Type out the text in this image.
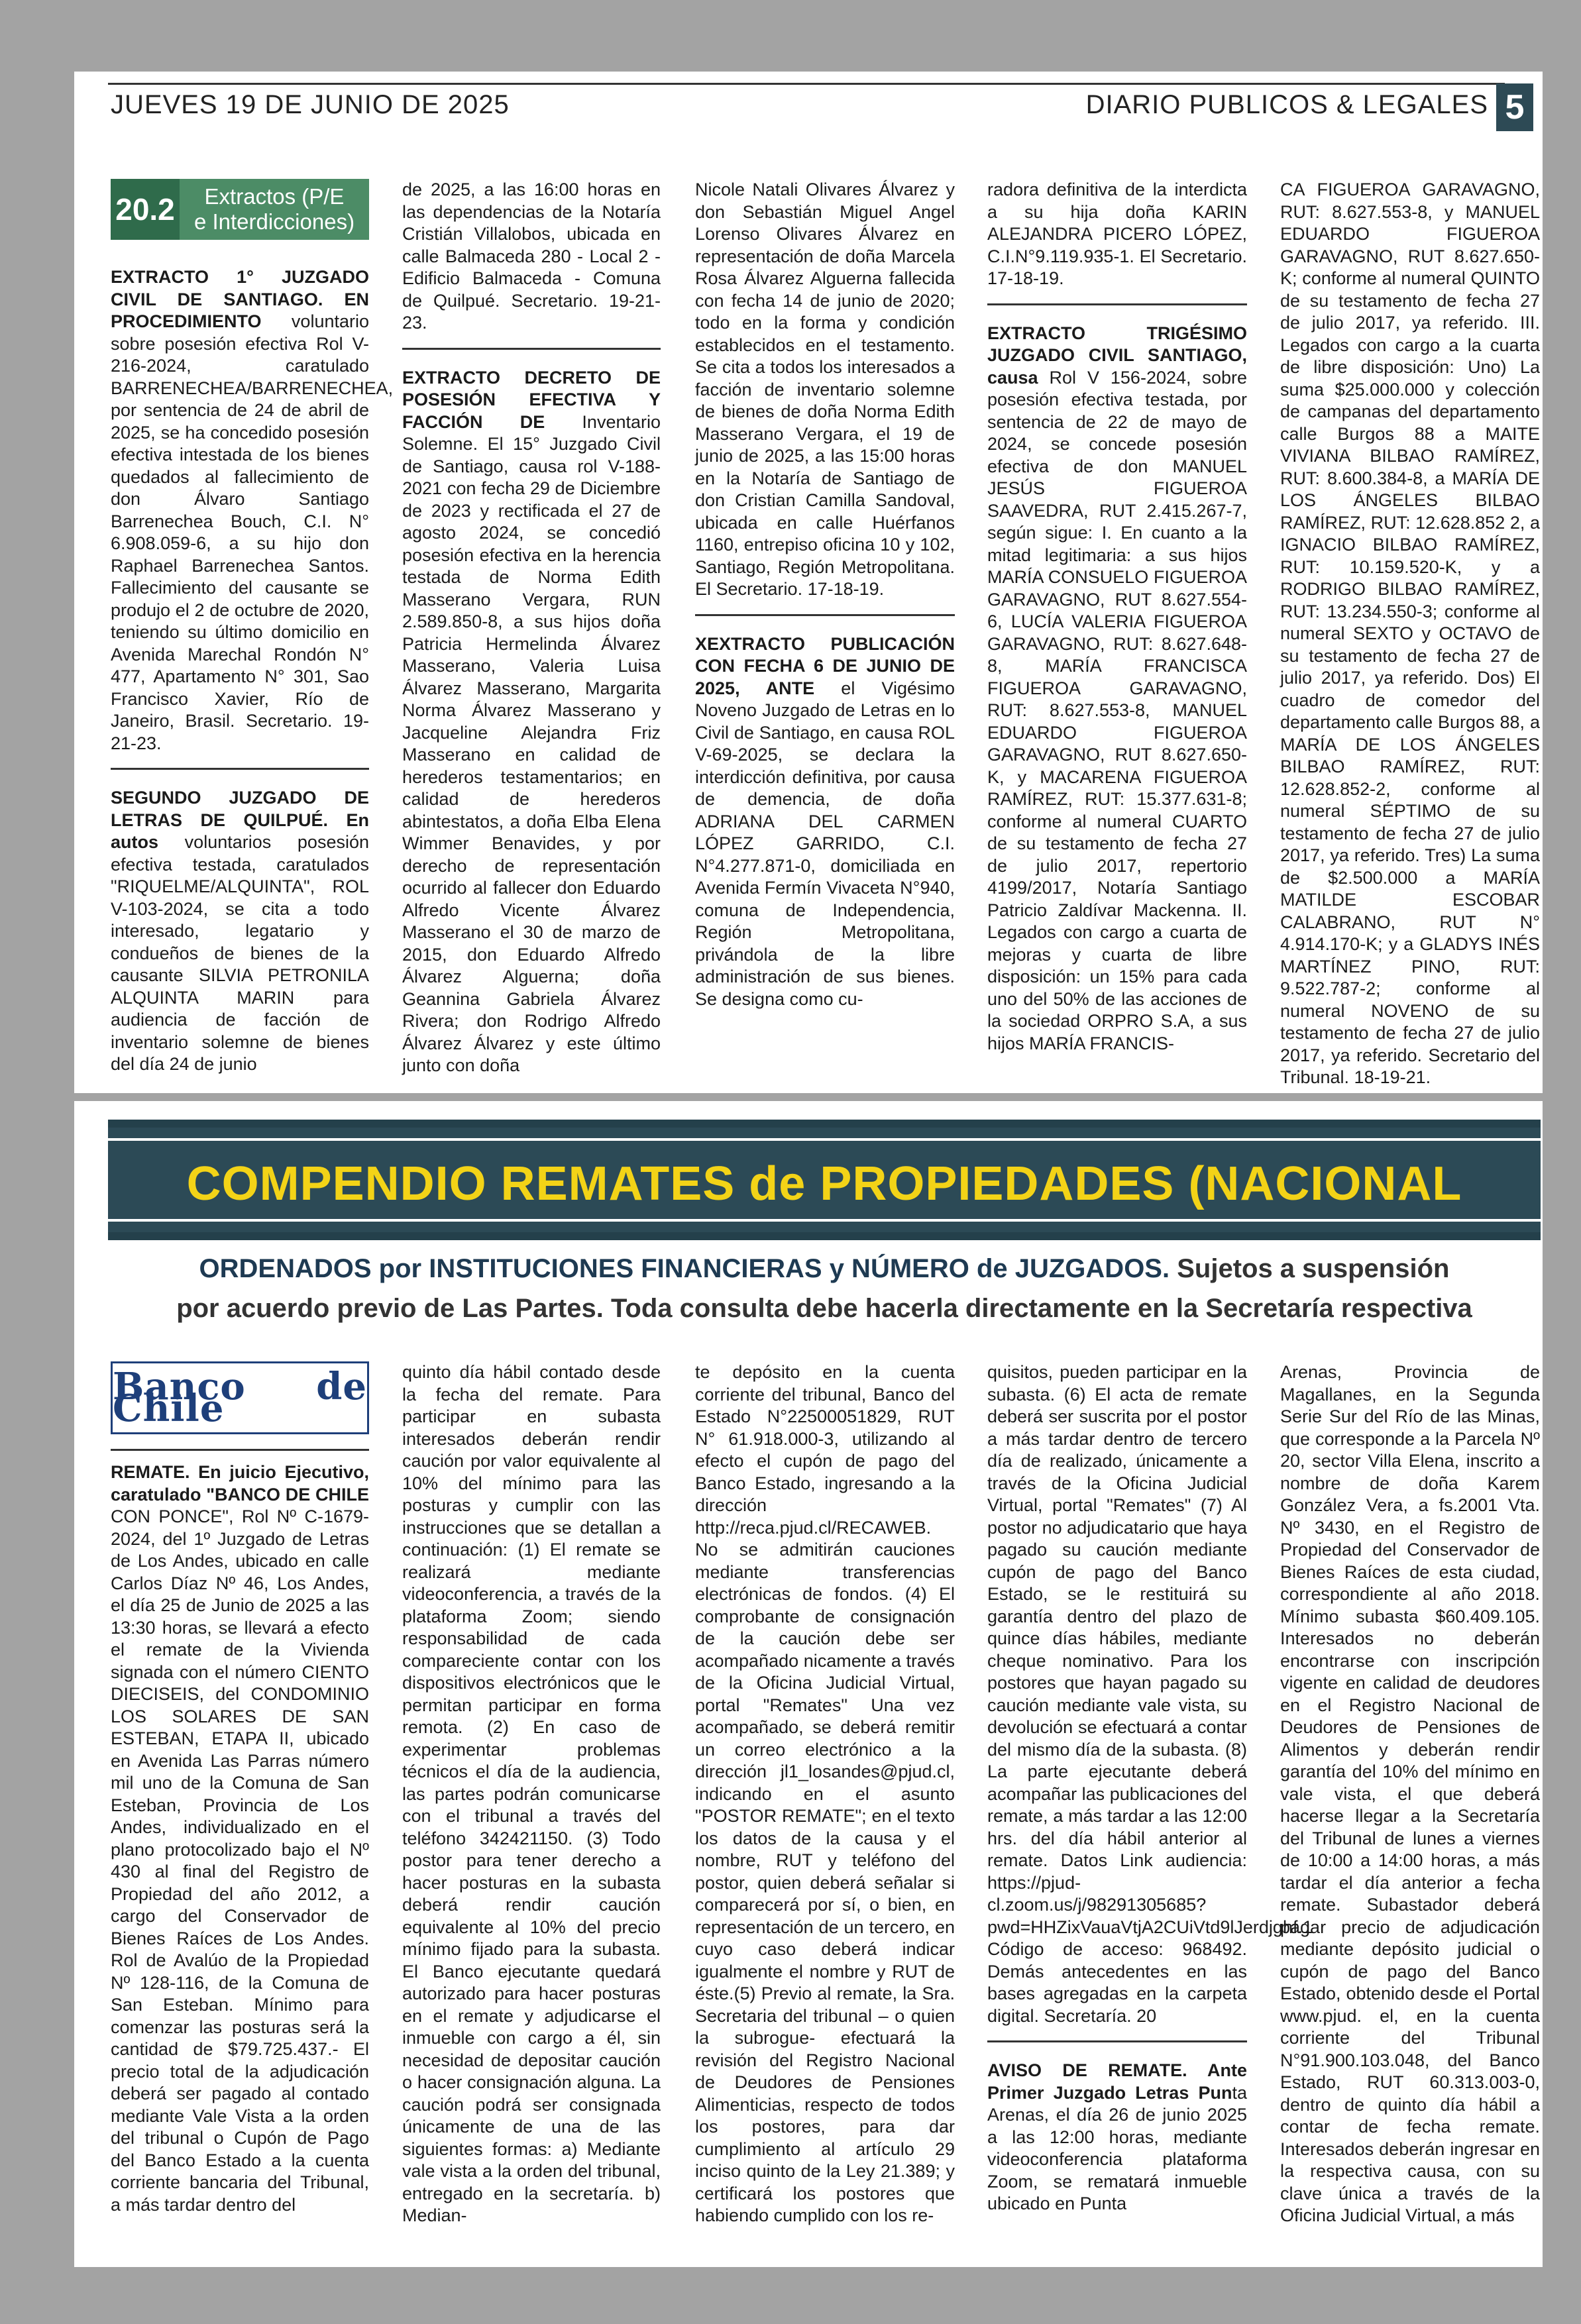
JUEVES 19 DE JUNIO DE 2025	DIARIO PUBLICOS & LEGALES 5
20.2	Extractos (P/E
e Interdicciones)
EXTRACTO 1° JUZGADO CIVIL DE SANTIAGO. EN PROCEDIMIENTO voluntario sobre posesión efectiva Rol V-216-2024, caratulado BARRENECHEA/BARRENECHEA, por sentencia de 24 de abril de 2025, se ha concedido posesión efectiva intestada de los bienes quedados al fallecimiento de don Álvaro Santiago Barrenechea Bouch, C.I. N° 6.908.059-6, a su hijo don Raphael Barrenechea Santos. Fallecimiento del causante se produjo el 2 de octubre de 2020, teniendo su último domicilio en Avenida Marechal Rondón N° 477, Apartamento N° 301, Sao Francisco Xavier, Río de Janeiro, Brasil. Secretario. 19-21-23.
SEGUNDO JUZGADO DE LETRAS DE QUILPUÉ. En autos voluntarios posesión efectiva testada, caratulados "RIQUELME/ALQUINTA", ROL V-103-2024, se cita a todo interesado, legatario y condueños de bienes de la causante SILVIA PETRONILA ALQUINTA MARIN para audiencia de facción de inventario solemne de bienes del día 24 de junio
de 2025, a las 16:00 horas en las dependencias de la Notaría Cristián Villalobos, ubicada en calle Balmaceda 280 - Local 2 - Edificio Balmaceda - Comuna de Quilpué. Secretario. 19-21-23.
EXTRACTO DECRETO DE POSESIÓN EFECTIVA Y FACCIÓN DE Inventario Solemne. El 15° Juzgado Civil de Santiago, causa rol V-188-2021 con fecha 29 de Diciembre de 2023 y rectificada el 27 de agosto 2024, se concedió posesión efectiva en la herencia testada de Norma Edith Masserano Vergara, RUN 2.589.850-8, a sus hijos doña Patricia Hermelinda Álvarez Masserano, Valeria Luisa Álvarez Masserano, Margarita Norma Álvarez Masserano y Jacqueline Alejandra Friz Masserano en calidad de herederos testamentarios; en calidad de herederos abintestatos, a doña Elba Elena Wimmer Benavides, y por derecho de representación ocurrido al fallecer don Eduardo Alfredo Vicente Álvarez Masserano el 30 de marzo de 2015, don Eduardo Alfredo Álvarez Alguerna; doña Geannina Gabriela Álvarez Rivera; don Rodrigo Alfredo Álvarez Álvarez y este último junto con doña
Nicole Natali Olivares Álvarez y don Sebastián Miguel Angel Lorenso Olivares Álvarez en representación de doña Marcela Rosa Álvarez Alguerna fallecida con fecha 14 de junio de 2020; todo en la forma y condición establecidos en el testamento. Se cita a todos los interesados a facción de inventario solemne de bienes de doña Norma Edith Masserano Vergara, el 19 de junio de 2025, a las 15:00 horas en la Notaría de Santiago de don Cristian Camilla Sandoval, ubicada en calle Huérfanos 1160, entrepiso oficina 10 y 102, Santiago, Región Metropolitana. El Secretario. 17-18-19.
XEXTRACTO PUBLICACIÓN CON FECHA 6 DE JUNIO DE 2025, ANTE el Vigésimo Noveno Juzgado de Letras en lo Civil de Santiago, en causa ROL V-69-2025, se declara la interdicción definitiva, por causa de demencia, de doña ADRIANA DEL CARMEN LÓPEZ GARRIDO, C.I. N°4.277.871-0, domiciliada en Avenida Fermín Vivaceta N°940, comuna de Independencia, Región Metropolitana, privándola de la libre administración de sus bienes. Se designa como cu-
radora definitiva de la interdicta a su hija doña KARIN ALEJANDRA PICERO LÓPEZ, C.I.N°9.119.935-1. El Secretario. 17-18-19.
EXTRACTO TRIGÉSIMO JUZGADO CIVIL SANTIAGO, causa Rol V 156-2024, sobre posesión efectiva testada, por sentencia de 22 de mayo de 2024, se concede posesión efectiva de don MANUEL JESÚS FIGUEROA SAAVEDRA, RUT 2.415.267-7, según sigue: I. En cuanto a la mitad legitimaria: a sus hijos MARÍA CONSUELO FIGUEROA GARAVAGNO, RUT 8.627.554-6, LUCÍA VALERIA FIGUEROA GARAVAGNO, RUT: 8.627.648-8, MARÍA FRANCISCA FIGUEROA GARAVAGNO, RUT: 8.627.553-8, MANUEL EDUARDO FIGUEROA GARAVAGNO, RUT 8.627.650-K, y MACARENA FIGUEROA RAMÍREZ, RUT: 15.377.631-8; conforme al numeral CUARTO de su testamento de fecha 27 de julio 2017, repertorio 4199/2017, Notaría Santiago Patricio Zaldívar Mackenna. II. Legados con cargo a cuarta de mejoras y cuarta de libre disposición: un 15% para cada uno del 50% de las acciones de la sociedad ORPRO S.A, a sus hijos MARÍA FRANCIS-
CA FIGUEROA GARAVAGNO, RUT: 8.627.553-8, y MANUEL EDUARDO FIGUEROA GARAVAGNO, RUT 8.627.650-K; conforme al numeral QUINTO de su testamento de fecha 27 de julio 2017, ya referido. III. Legados con cargo a la cuarta de libre disposición: Uno) La suma $25.000.000 y colección de campanas del departamento calle Burgos 88 a MAITE VIVIANA BILBAO RAMÍREZ, RUT: 8.600.384-8, a MARÍA DE LOS ÁNGELES BILBAO RAMÍREZ, RUT: 12.628.852 2, a IGNACIO BILBAO RAMÍREZ, RUT: 10.159.520-K, y a RODRIGO BILBAO RAMÍREZ, RUT: 13.234.550-3; conforme al numeral SEXTO y OCTAVO de su testamento de fecha 27 de julio 2017, ya referido. Dos) El cuadro de comedor del departamento calle Burgos 88, a MARÍA DE LOS ÁNGELES BILBAO RAMÍREZ, RUT: 12.628.852-2, conforme al numeral SÉPTIMO de su testamento de fecha 27 de julio 2017, ya referido. Tres) La suma de $2.500.000 a MARÍA MATILDE ESCOBAR CALABRANO, RUT N° 4.914.170-K; y a GLADYS INÉS MARTÍNEZ PINO, RUT: 9.522.787-2; conforme al numeral NOVENO de su testamento de fecha 27 de julio 2017, ya referido. Secretario del Tribunal. 18-19-21.
COMPENDIO REMATES de PROPIEDADES (NACIONAL
ORDENADOS por INSTITUCIONES FINANCIERAS y NÚMERO de JUZGADOS. Sujetos a suspensión
por acuerdo previo de Las Partes. Toda consulta debe hacerla directamente en la Secretaría respectiva
Banco de Chile
REMATE. En juicio Ejecutivo, caratulado "BANCO DE CHILE CON PONCE", Rol Nº C-1679-2024, del 1º Juzgado de Letras de Los Andes, ubicado en calle Carlos Díaz Nº 46, Los Andes, el día 25 de Junio de 2025 a las 13:30 horas, se llevará a efecto el remate de la Vivienda signada con el número CIENTO DIECISEIS, del CONDOMINIO LOS SOLARES DE SAN ESTEBAN, ETAPA II, ubicado en Avenida Las Parras número mil uno de la Comuna de San Esteban, Provincia de Los Andes, individualizado en el plano protocolizado bajo el Nº 430 al final del Registro de Propiedad del año 2012, a cargo del Conservador de Bienes Raíces de Los Andes. Rol de Avalúo de la Propiedad Nº 128-116, de la Comuna de San Esteban. Mínimo para comenzar las posturas será la cantidad de $79.725.437.- El precio total de la adjudicación deberá ser pagado al contado mediante Vale Vista a la orden del tribunal o Cupón de Pago del Banco Estado a la cuenta corriente bancaria del Tribunal, a más tardar dentro del
quinto día hábil contado desde la fecha del remate. Para participar en subasta interesados deberán rendir caución por valor equivalente al 10% del mínimo para las posturas y cumplir con las instrucciones que se detallan a continuación: (1) El remate se realizará mediante videoconferencia, a través de la plataforma Zoom; siendo responsabilidad de cada compareciente contar con los dispositivos electrónicos que le permitan participar en forma remota. (2) En caso de experimentar problemas técnicos el día de la audiencia, las partes podrán comunicarse con el tribunal a través del teléfono 342421150. (3) Todo postor para tener derecho a hacer posturas en la subasta deberá rendir caución equivalente al 10% del precio mínimo fijado para la subasta. El Banco ejecutante quedará autorizado para hacer posturas en el remate y adjudicarse el inmueble con cargo a él, sin necesidad de depositar caución o hacer consignación alguna. La caución podrá ser consignada únicamente de una de las siguientes formas: a) Mediante vale vista a la orden del tribunal, entregado en la secretaría. b) Median-
te depósito en la cuenta corriente del tribunal, Banco del Estado N°22500051829, RUT N° 61.918.000-3, utilizando al efecto el cupón de pago del Banco Estado, ingresando a la dirección http://reca.pjud.cl/RECAWEB. No se admitirán cauciones mediante transferencias electrónicas de fondos. (4) El comprobante de consignación de la caución debe ser acompañado nicamente a través de la Oficina Judicial Virtual, portal "Remates" Una vez acompañado, se deberá remitir un correo electrónico a la dirección jl1_losandes@pjud.cl, indicando en el asunto "POSTOR REMATE"; en el texto los datos de la causa y el nombre, RUT y teléfono del postor, quien deberá señalar si comparecerá por sí, o bien, en representación de un tercero, en cuyo caso deberá indicar igualmente el nombre y RUT de éste.(5) Previo al remate, la Sra. Secretaria del tribunal – o quien la subrogue- efectuará la revisión del Registro Nacional de Deudores de Pensiones Alimenticias, respecto de todos los postores, para dar cumplimiento al artículo 29 inciso quinto de la Ley 21.389; y certificará los postores que habiendo cumplido con los re-
quisitos, pueden participar en la subasta. (6) El acta de remate deberá ser suscrita por el postor a más tardar dentro de tercero día de realizado, únicamente a través de la Oficina Judicial Virtual, portal "Remates" (7) Al postor no adjudicatario que haya pagado su caución mediante cupón de pago del Banco Estado, se le restituirá su garantía dentro del plazo de quince días hábiles, mediante cheque nominativo. Para los postores que hayan pagado su caución mediante vale vista, su devolución se efectuará a contar del mismo día de la subasta. (8) La parte ejecutante deberá acompañar las publicaciones del remate, a más tardar a las 12:00 hrs. del día hábil anterior al remate. Datos Link audiencia: https://pjud-cl.zoom.us/j/98291305685?pwd=HHZixVauaVtjA2CUiVtd9lJerdjghf.1 Código de acceso: 968492. Demás antecedentes en las bases agregadas en la carpeta digital. Secretaría. 20
AVISO DE REMATE. Ante Primer Juzgado Letras Punta Arenas, el día 26 de junio 2025 a las 12:00 horas, mediante videoconferencia plataforma Zoom, se rematará inmueble ubicado en Punta
Arenas, Provincia de Magallanes, en la Segunda Serie Sur del Río de las Minas, que corresponde a la Parcela Nº 20, sector Villa Elena, inscrito a nombre de doña Karem González Vera, a fs.2001 Vta. Nº 3430, en el Registro de Propiedad del Conservador de Bienes Raíces de esta ciudad, correspondiente al año 2018. Mínimo subasta $60.409.105. Interesados no deberán encontrarse con inscripción vigente en calidad de deudores en el Registro Nacional de Deudores de Pensiones de Alimentos y deberán rendir garantía del 10% del mínimo en vale vista, el que deberá hacerse llegar a la Secretaría del Tribunal de lunes a viernes de 10:00 a 14:00 horas, a más tardar el día anterior a fecha remate. Subastador deberá pagar precio de adjudicación mediante depósito judicial o cupón de pago del Banco Estado, obtenido desde el Portal www.pjud. el, en la cuenta corriente del Tribunal N°91.900.103.048, del Banco Estado, RUT 60.313.003-0, dentro de quinto día hábil a contar de fecha remate. Interesados deberán ingresar en la respectiva causa, con su clave única a través de la Oficina Judicial Virtual, a más
